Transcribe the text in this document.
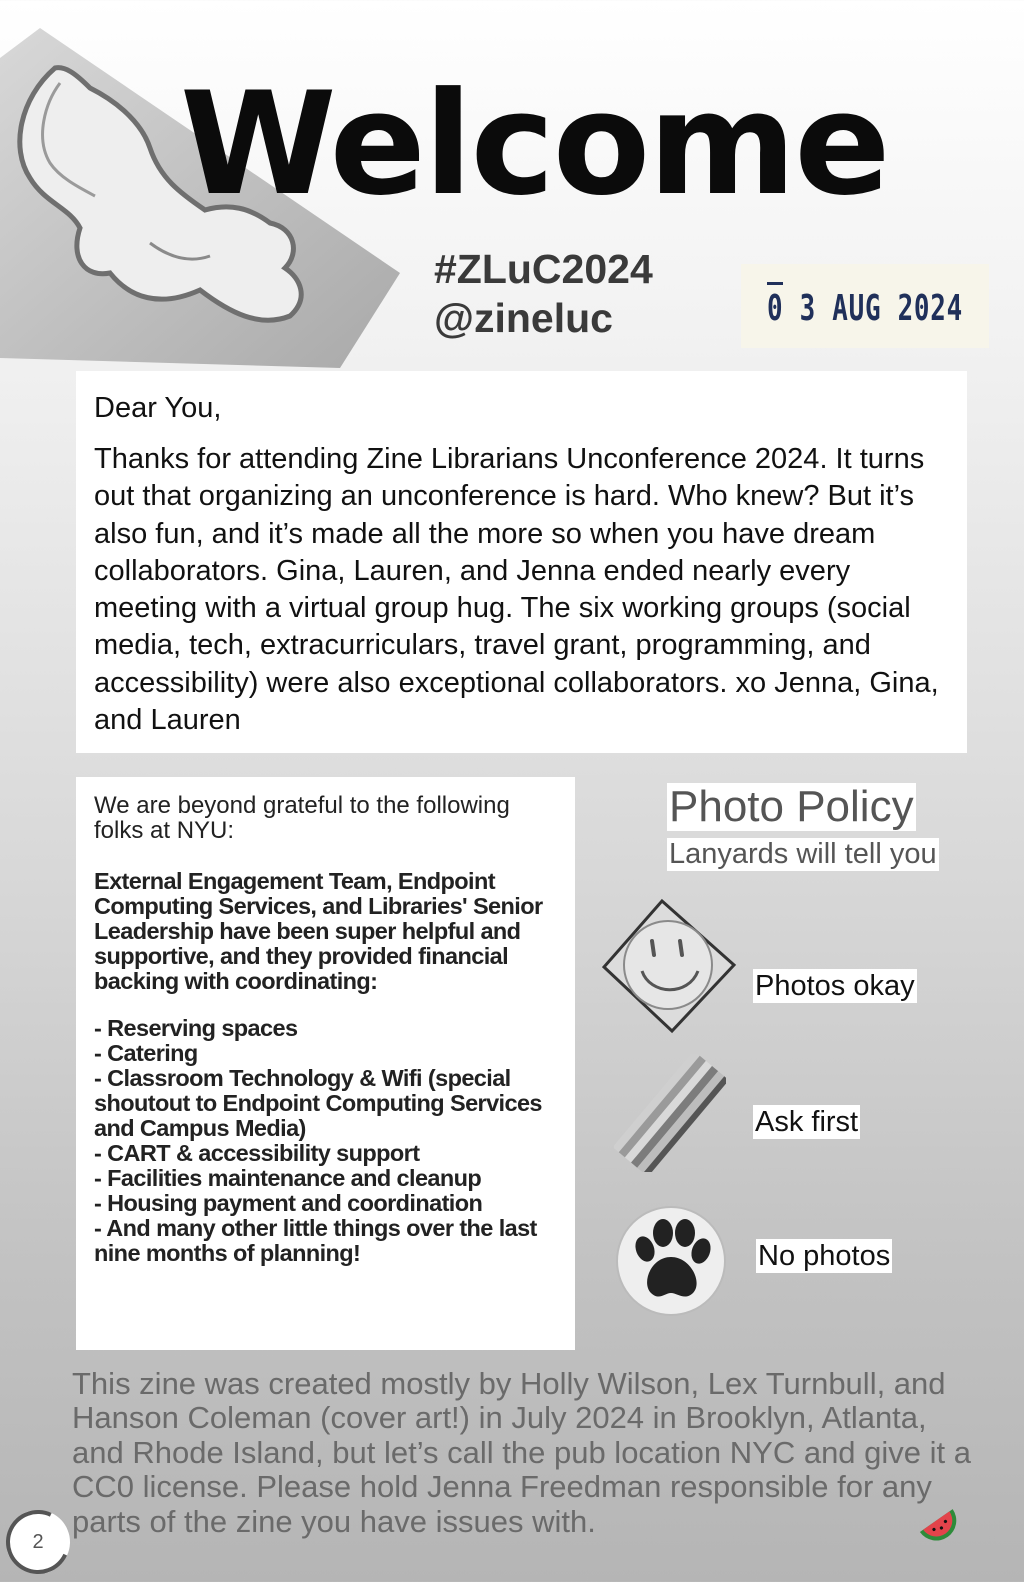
Welcome
#ZLuC2024
@zineluc	0 3 AUG 2024

Dear You,

Thanks for attending Zine Librarians Unconference 2024. It turns out that organizing an unconference is hard. Who knew? But it’s also fun, and it’s made all the more so when you have dream collaborators. Gina, Lauren, and Jenna ended nearly every meeting with a virtual group hug. The six working groups (social media, tech, extracurriculars, travel grant, programming, and accessibility) were also exceptional collaborators. xo Jenna, Gina, and Lauren

We are beyond grateful to the following folks at NYU:

External Engagement Team, Endpoint Computing Services, and Libraries' Senior Leadership have been super helpful and supportive, and they provided financial backing with coordinating:

- Reserving spaces
- Catering
- Classroom Technology & Wifi (special shoutout to Endpoint Computing Services and Campus Media)
- CART & accessibility support
- Facilities maintenance and cleanup
- Housing payment and coordination
- And many other little things over the last nine months of planning!
Photo Policy
Lanyards will tell you
Photos okay
Ask first
No photos

This zine was created mostly by Holly Wilson, Lex Turnbull, and Hanson Coleman (cover art!) in July 2024 in Brooklyn, Atlanta, and Rhode Island, but let’s call the pub location NYC and give it a CC0 license. Please hold Jenna Freedman responsible for any parts of the zine you have issues with.

2
